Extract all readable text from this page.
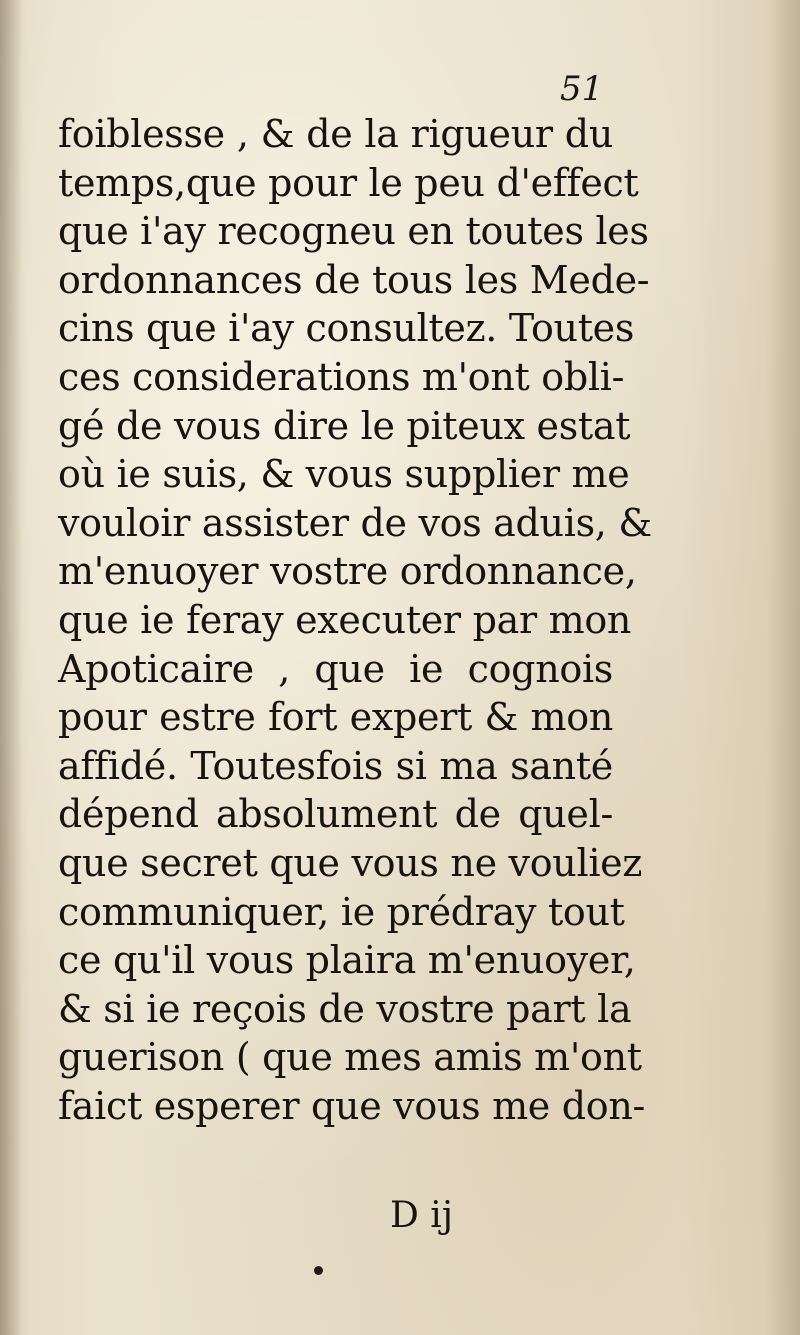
51
foiblesse , & de la rigueur du
temps,que pour le peu d'effect
que i'ay recogneu en toutes les
ordonnances de tous les Mede-
cins que i'ay consultez. Toutes
ces considerations m'ont obli-
gé de vous dire le piteux estat
où ie suis, & vous supplier me
vouloir assister de vos aduis, &
m'enuoyer vostre ordonnance,
que ie feray executer par mon
Apoticaire , que ie cognois
pour estre fort expert & mon
affidé. Toutesfois si ma santé
dépend absolument de quel-
que secret que vous ne vouliez
communiquer, ie prédray tout
ce qu'il vous plaira m'enuoyer,
& si ie reçois de vostre part la
guerison ( que mes amis m'ont
faict esperer que vous me don-
D ij
